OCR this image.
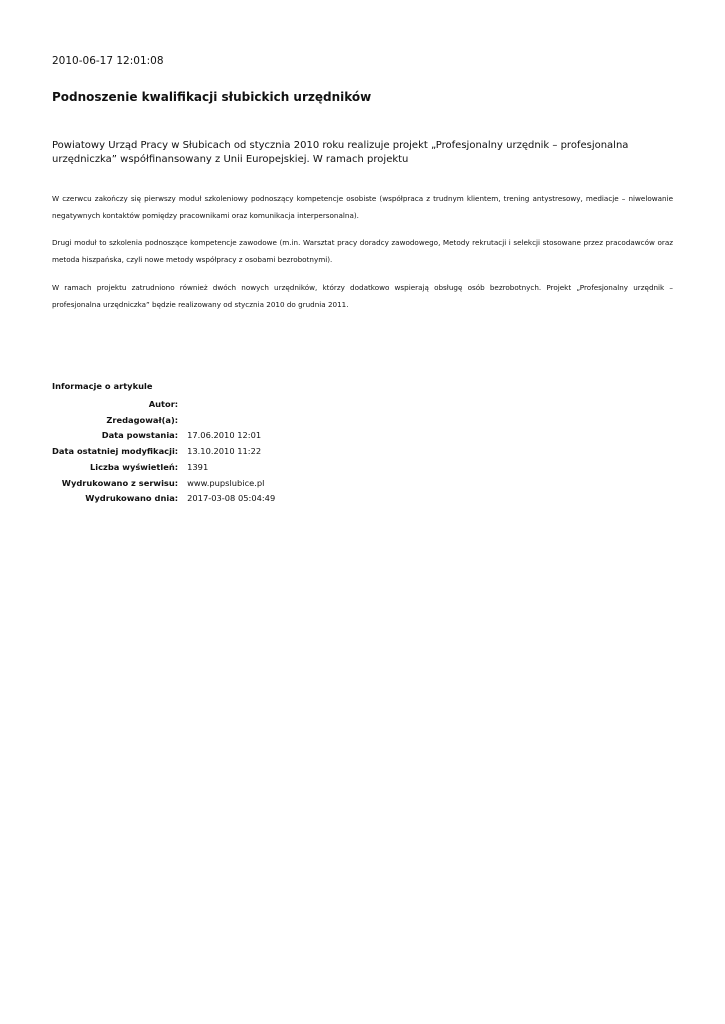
2010-06-17 12:01:08
Podnoszenie kwalifikacji słubickich urzędników

Powiatowy Urząd Pracy w Słubicach od stycznia 2010 roku realizuje projekt „Profesjonalny urzędnik – profesjonalna urzędniczka” współfinansowany z Unii Europejskiej. W ramach projektu

W czerwcu zakończy się pierwszy moduł szkoleniowy podnoszący kompetencje osobiste (współpraca z trudnym klientem, trening antystresowy, mediacje – niwelowanie negatywnych kontaktów pomiędzy pracownikami oraz komunikacja interpersonalna).

Drugi moduł to szkolenia podnoszące kompetencje zawodowe (m.in. Warsztat pracy doradcy zawodowego, Metody rekrutacji i selekcji stosowane przez pracodawców oraz metoda hiszpańska, czyli nowe metody współpracy z osobami bezrobotnymi).

W ramach projektu zatrudniono również dwóch nowych urzędników, którzy dodatkowo wspierają obsługę osób bezrobotnych. Projekt „Profesjonalny urzędnik – profesjonalna urzędniczka” będzie realizowany od stycznia 2010 do grudnia 2011.

Informacje o artykule
Autor:	
Zredagował(a):	
Data powstania:	17.06.2010 12:01
Data ostatniej modyfikacji:	13.10.2010 11:22
Liczba wyświetleń:	1391
Wydrukowano z serwisu:	www.pupslubice.pl
Wydrukowano dnia:	2017-03-08 05:04:49
